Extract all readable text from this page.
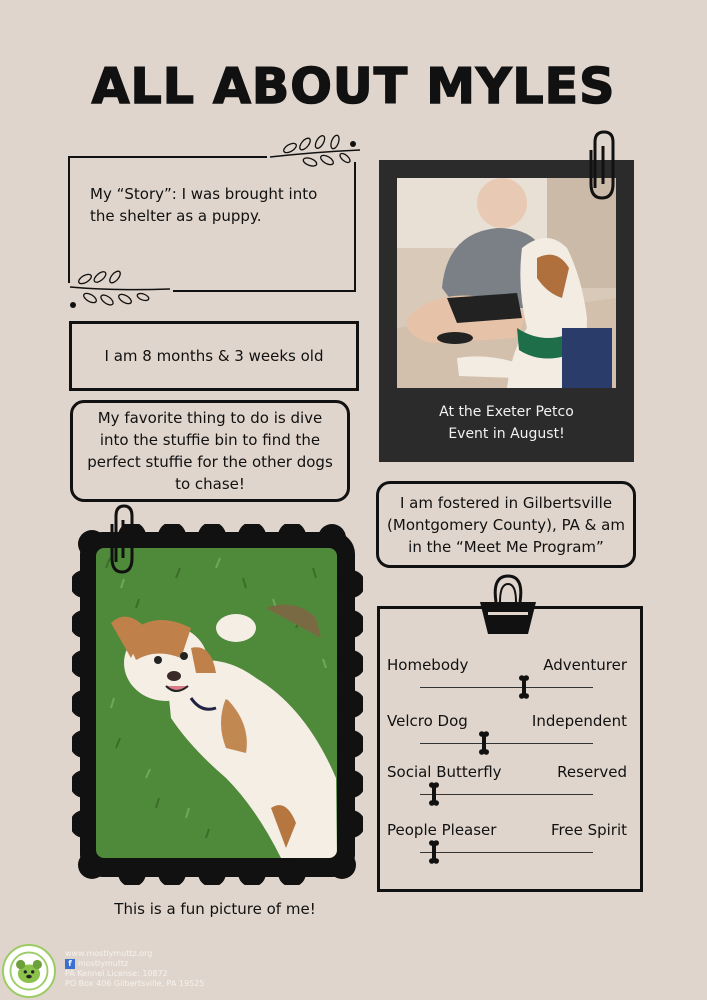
ALL ABOUT MYLES
My “Story”: I was brought into the shelter as a puppy.
I am 8 months & 3 weeks old
My favorite thing to do is dive into the stuffie bin to find the perfect stuffie for the other dogs to chase!
At the Exeter Petco
Event in August!
I am fostered in Gilbertsville (Montgomery County), PA & am in the “Meet Me Program”
This is a fun picture of me!
Homebody	Adventurer
Velcro Dog	Independent
Social Butterfly	Reserved
People Pleaser	Free Spirit
www.mostlymuttz.org
f mostlymuttz
PA Kennel License: 10872
PO Box 406 Gilbertsville, PA 19525
